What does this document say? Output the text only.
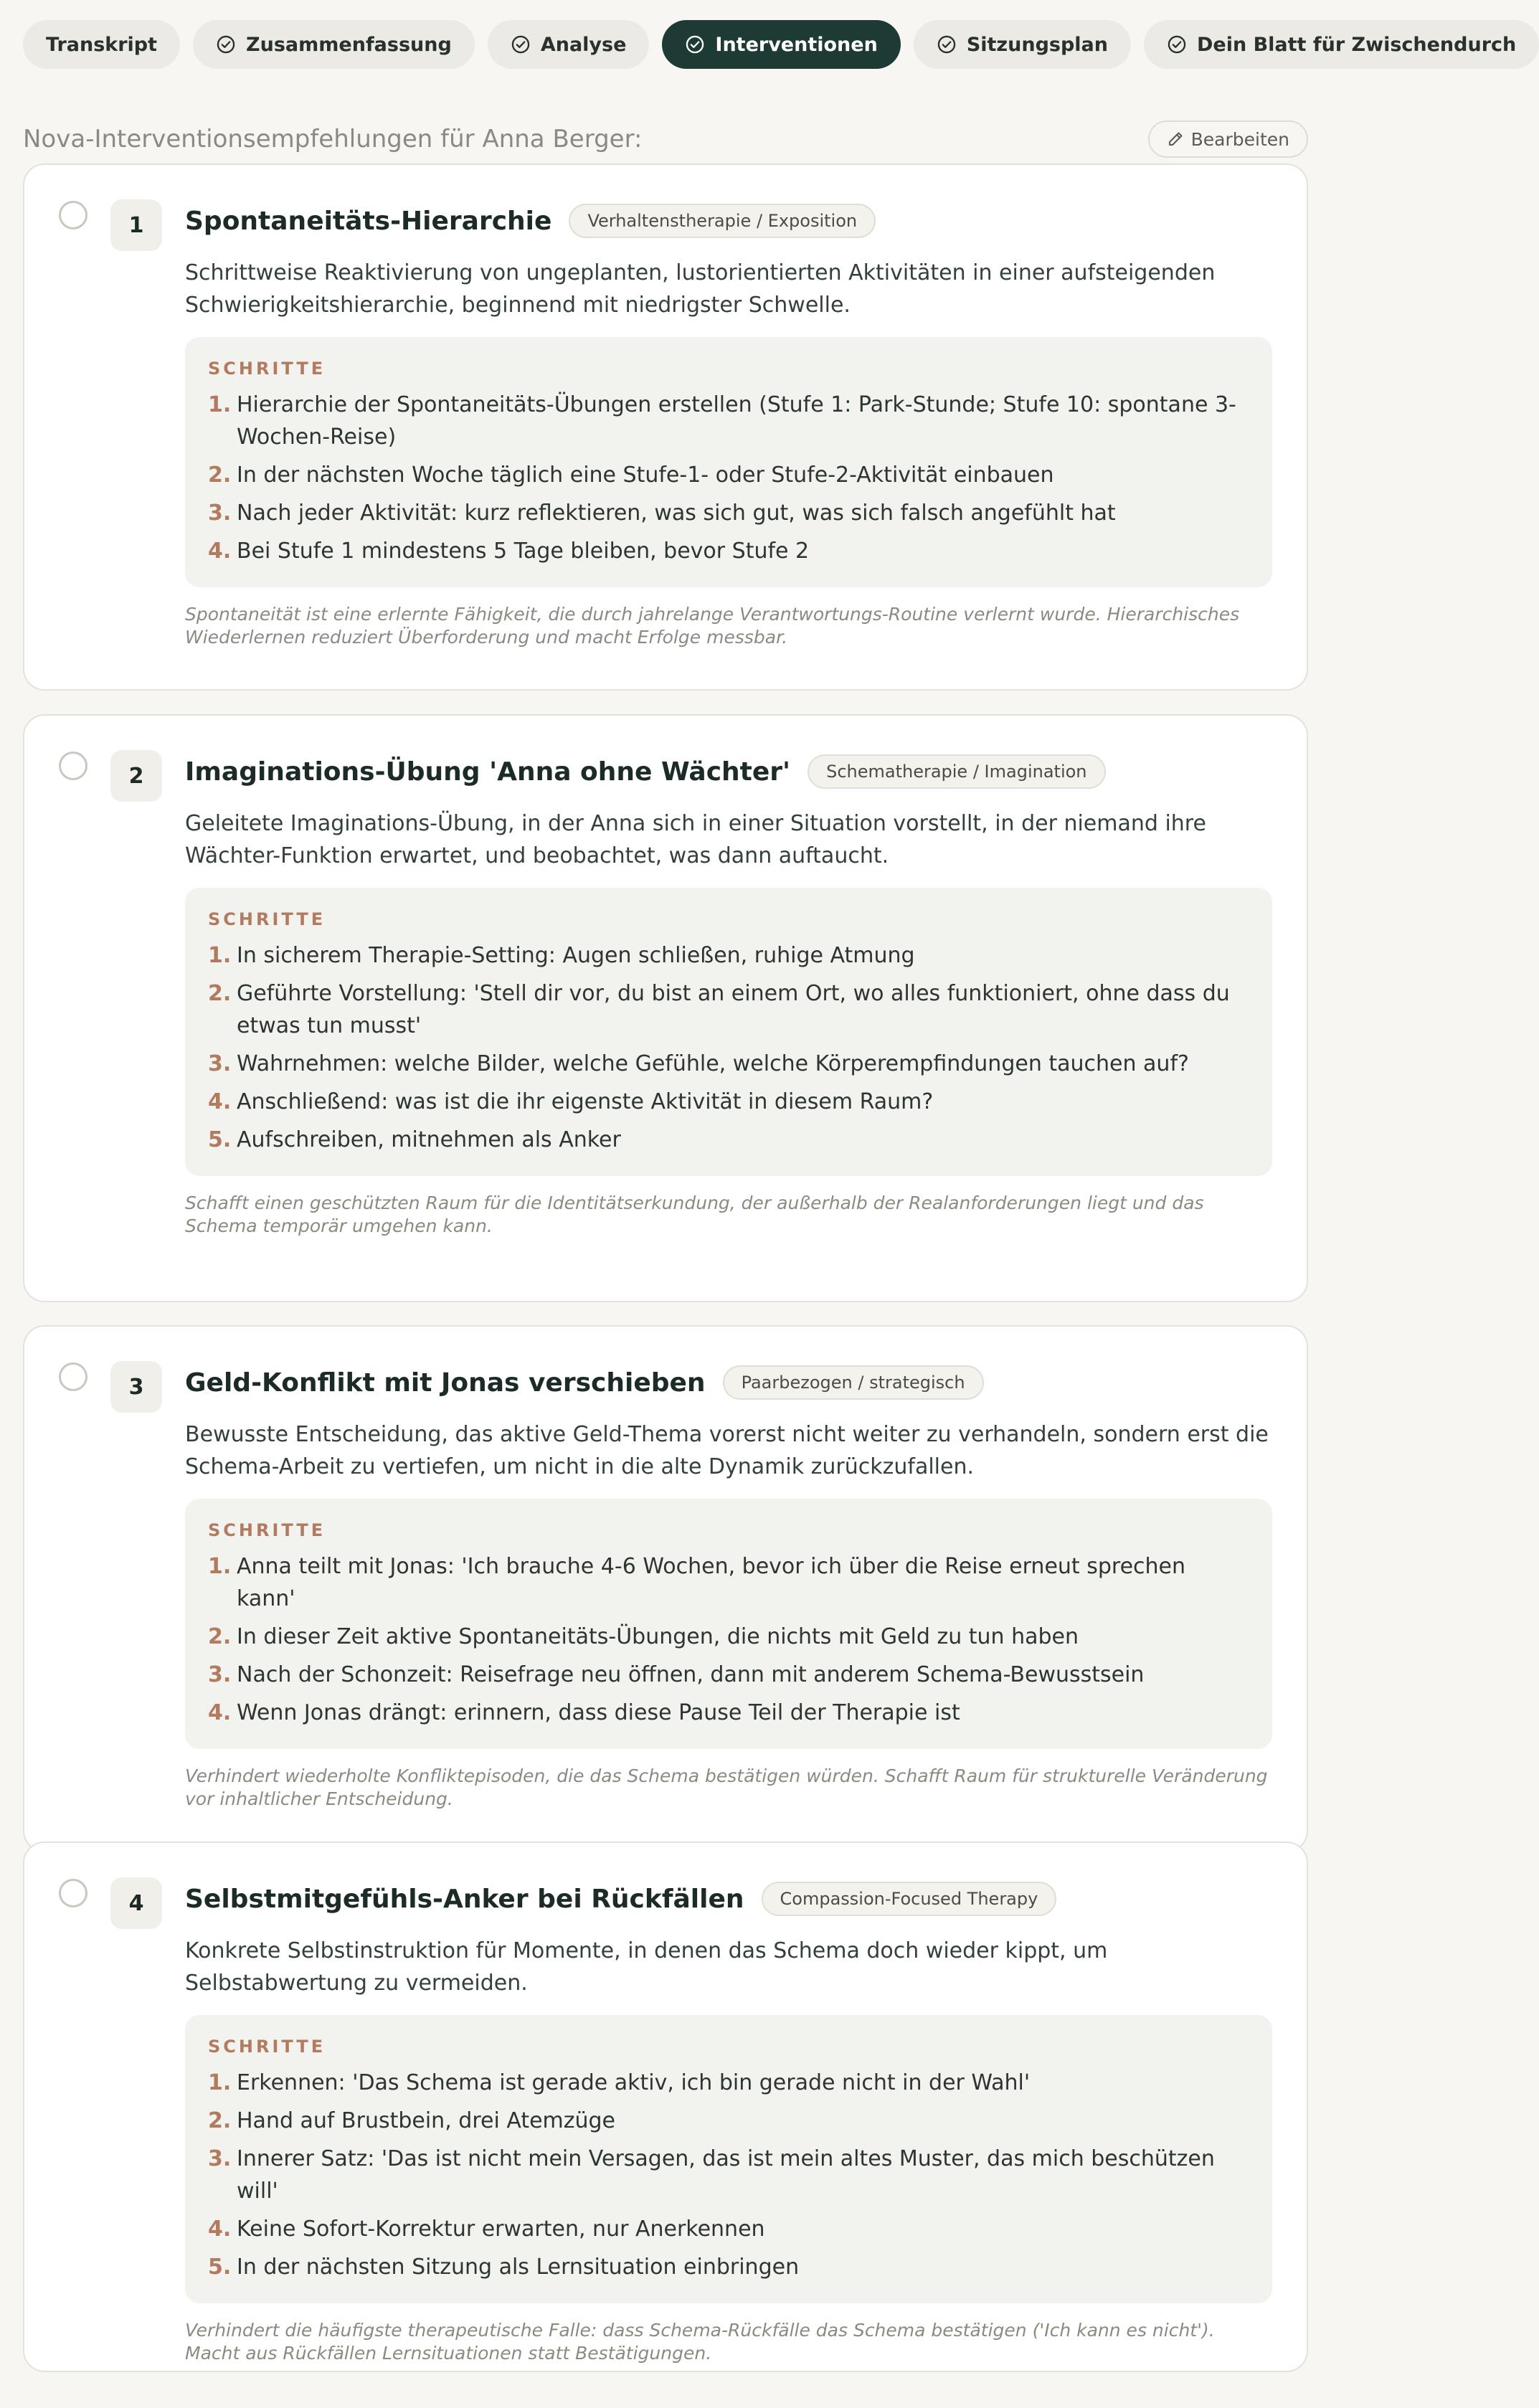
Transkript	Zusammenfassung	Analyse	Interventionen	Sitzungsplan	Dein Blatt für Zwischendurch
Nova-Interventionsempfehlungen für Anna Berger:	Bearbeiten
1	Spontaneitäts-Hierarchie	Verhaltenstherapie / Exposition
Schrittweise Reaktivierung von ungeplanten, lustorientierten Aktivitäten in einer aufsteigenden Schwierigkeitshierarchie, beginnend mit niedrigster Schwelle.
SCHRITTE
1. Hierarchie der Spontaneitäts-Übungen erstellen (Stufe 1: Park-Stunde; Stufe 10: spontane 3-Wochen-Reise)
2. In der nächsten Woche täglich eine Stufe-1- oder Stufe-2-Aktivität einbauen
3. Nach jeder Aktivität: kurz reflektieren, was sich gut, was sich falsch angefühlt hat
4. Bei Stufe 1 mindestens 5 Tage bleiben, bevor Stufe 2
Spontaneität ist eine erlernte Fähigkeit, die durch jahrelange Verantwortungs-Routine verlernt wurde. Hierarchisches Wiederlernen reduziert Überforderung und macht Erfolge messbar.
2	Imaginations-Übung 'Anna ohne Wächter'	Schematherapie / Imagination
Geleitete Imaginations-Übung, in der Anna sich in einer Situation vorstellt, in der niemand ihre Wächter-Funktion erwartet, und beobachtet, was dann auftaucht.
SCHRITTE
1. In sicherem Therapie-Setting: Augen schließen, ruhige Atmung
2. Geführte Vorstellung: 'Stell dir vor, du bist an einem Ort, wo alles funktioniert, ohne dass du etwas tun musst'
3. Wahrnehmen: welche Bilder, welche Gefühle, welche Körperempfindungen tauchen auf?
4. Anschließend: was ist die ihr eigenste Aktivität in diesem Raum?
5. Aufschreiben, mitnehmen als Anker
Schafft einen geschützten Raum für die Identitätserkundung, der außerhalb der Realanforderungen liegt und das Schema temporär umgehen kann.
3	Geld-Konflikt mit Jonas verschieben	Paarbezogen / strategisch
Bewusste Entscheidung, das aktive Geld-Thema vorerst nicht weiter zu verhandeln, sondern erst die Schema-Arbeit zu vertiefen, um nicht in die alte Dynamik zurückzufallen.
SCHRITTE
1. Anna teilt mit Jonas: 'Ich brauche 4-6 Wochen, bevor ich über die Reise erneut sprechen kann'
2. In dieser Zeit aktive Spontaneitäts-Übungen, die nichts mit Geld zu tun haben
3. Nach der Schonzeit: Reisefrage neu öffnen, dann mit anderem Schema-Bewusstsein
4. Wenn Jonas drängt: erinnern, dass diese Pause Teil der Therapie ist
Verhindert wiederholte Konfliktepisoden, die das Schema bestätigen würden. Schafft Raum für strukturelle Veränderung vor inhaltlicher Entscheidung.
4	Selbstmitgefühls-Anker bei Rückfällen	Compassion-Focused Therapy
Konkrete Selbstinstruktion für Momente, in denen das Schema doch wieder kippt, um Selbstabwertung zu vermeiden.
SCHRITTE
1. Erkennen: 'Das Schema ist gerade aktiv, ich bin gerade nicht in der Wahl'
2. Hand auf Brustbein, drei Atemzüge
3. Innerer Satz: 'Das ist nicht mein Versagen, das ist mein altes Muster, das mich beschützen will'
4. Keine Sofort-Korrektur erwarten, nur Anerkennen
5. In der nächsten Sitzung als Lernsituation einbringen
Verhindert die häufigste therapeutische Falle: dass Schema-Rückfälle das Schema bestätigen ('Ich kann es nicht'). Macht aus Rückfällen Lernsituationen statt Bestätigungen.
